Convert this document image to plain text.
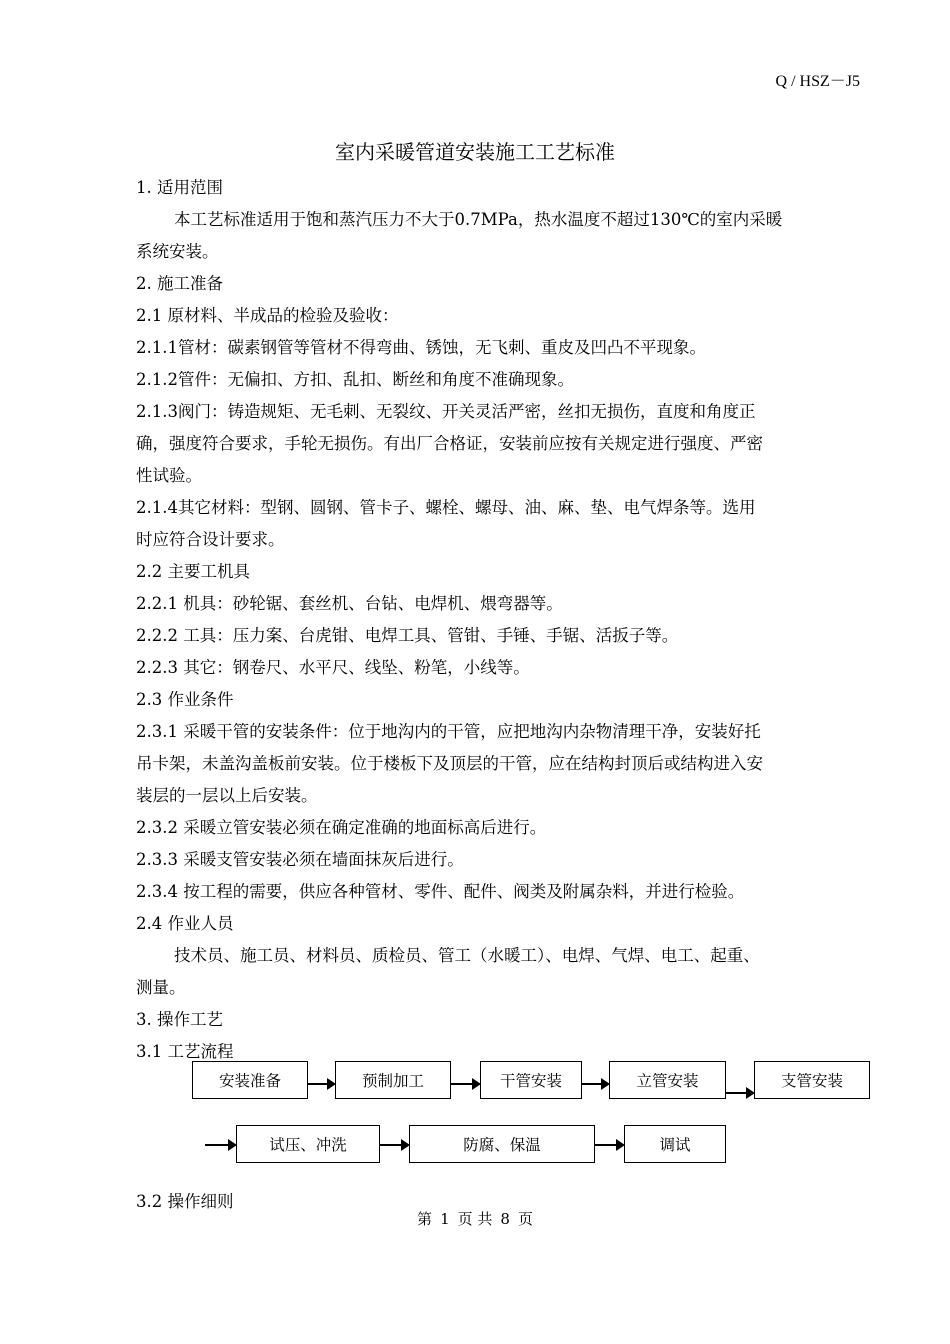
Q / HSZ－J5
室内采暖管道安装施工工艺标准
1. 适用范围
本工艺标准适用于饱和蒸汽压力不大于0.7MPa，热水温度不超过130℃的室内采暖
系统安装。
2. 施工准备
2.1 原材料、半成品的检验及验收：
2.1.1管材：碳素钢管等管材不得弯曲、锈蚀，无飞刺、重皮及凹凸不平现象。
2.1.2管件：无偏扣、方扣、乱扣、断丝和角度不准确现象。
2.1.3阀门：铸造规矩、无毛刺、无裂纹、开关灵活严密，丝扣无损伤，直度和角度正
确，强度符合要求，手轮无损伤。有出厂合格证，安装前应按有关规定进行强度、严密
性试验。
2.1.4其它材料：型钢、圆钢、管卡子、螺栓、螺母、油、麻、垫、电气焊条等。选用
时应符合设计要求。
2.2 主要工机具
2.2.1 机具：砂轮锯、套丝机、台钻、电焊机、煨弯器等。
2.2.2 工具：压力案、台虎钳、电焊工具、管钳、手锤、手锯、活扳子等。
2.2.3 其它：钢卷尺、水平尺、线坠、粉笔，小线等。
2.3 作业条件
2.3.1 采暖干管的安装条件：位于地沟内的干管，应把地沟内杂物清理干净，安装好托
吊卡架，未盖沟盖板前安装。位于楼板下及顶层的干管，应在结构封顶后或结构进入安
装层的一层以上后安装。
2.3.2 采暖立管安装必须在确定准确的地面标高后进行。
2.3.3 采暖支管安装必须在墙面抹灰后进行。
2.3.4 按工程的需要，供应各种管材、零件、配件、阀类及附属杂料，并进行检验。
2.4 作业人员
技术员、施工员、材料员、质检员、管工（水暖工）、电焊、气焊、电工、起重、
测量。
3. 操作工艺
3.1 工艺流程
安装准备	预制加工	干管安装	立管安装	支管安装
试压、冲洗	防腐、保温	调试
3.2 操作细则
第 1 页 共 8 页
